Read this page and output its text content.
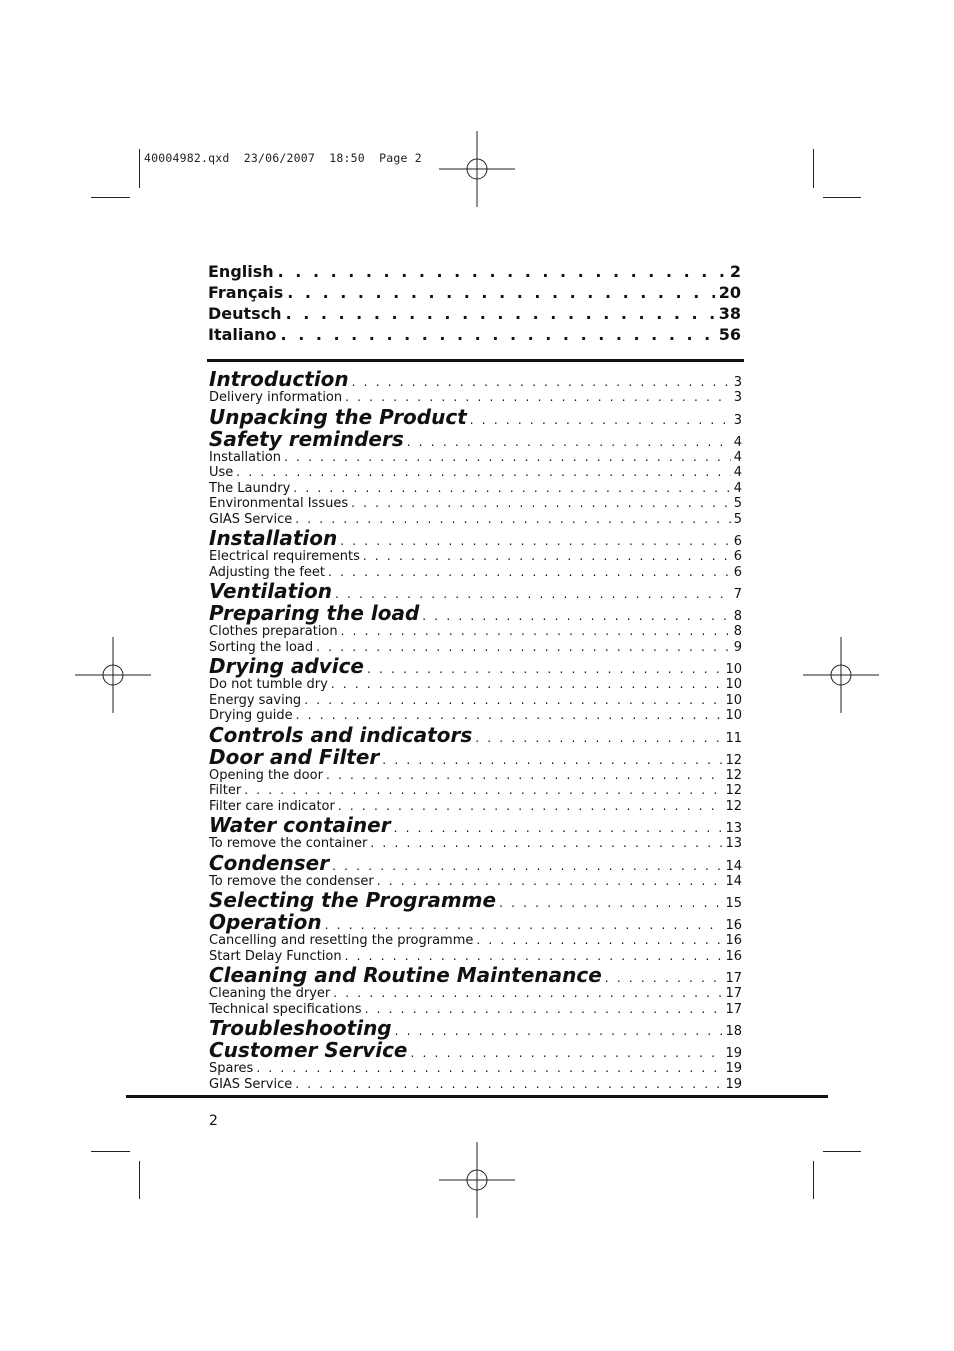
40004982.qxd  23/06/2007  18:50  Page 2
English . . .	2
Français . . .	20
Deutsch . . .	38
Italiano . . .	56
Introduction . . .	3
Delivery information . . .	3
Unpacking the Product . . .	3
Safety reminders . . .	4
Installation . . .	4
Use . . .	4
The Laundry . . .	4
Environmental Issues . . .	5
GIAS Service . . .	5
Installation . . .	6
Electrical requirements . . .	6
Adjusting the feet . . .	6
Ventilation . . .	7
Preparing the load . . .	8
Clothes preparation . . .	8
Sorting the load . . .	9
Drying advice . . .	10
Do not tumble dry . . .	10
Energy saving . . .	10
Drying guide . . .	10
Controls and indicators . . .	11
Door and Filter . . .	12
Opening the door . . .	12
Filter . . .	12
Filter care indicator . . .	12
Water container . . .	13
To remove the container . . .	13
Condenser . . .	14
To remove the condenser . . .	14
Selecting the Programme . . .	15
Operation . . .	16
Cancelling and resetting the programme . . .	16
Start Delay Function . . .	16
Cleaning and Routine Maintenance . . .	17
Cleaning the dryer . . .	17
Technical specifications . . .	17
Troubleshooting . . .	18
Customer Service . . .	19
Spares . . .	19
GIAS Service . . .	19
2
